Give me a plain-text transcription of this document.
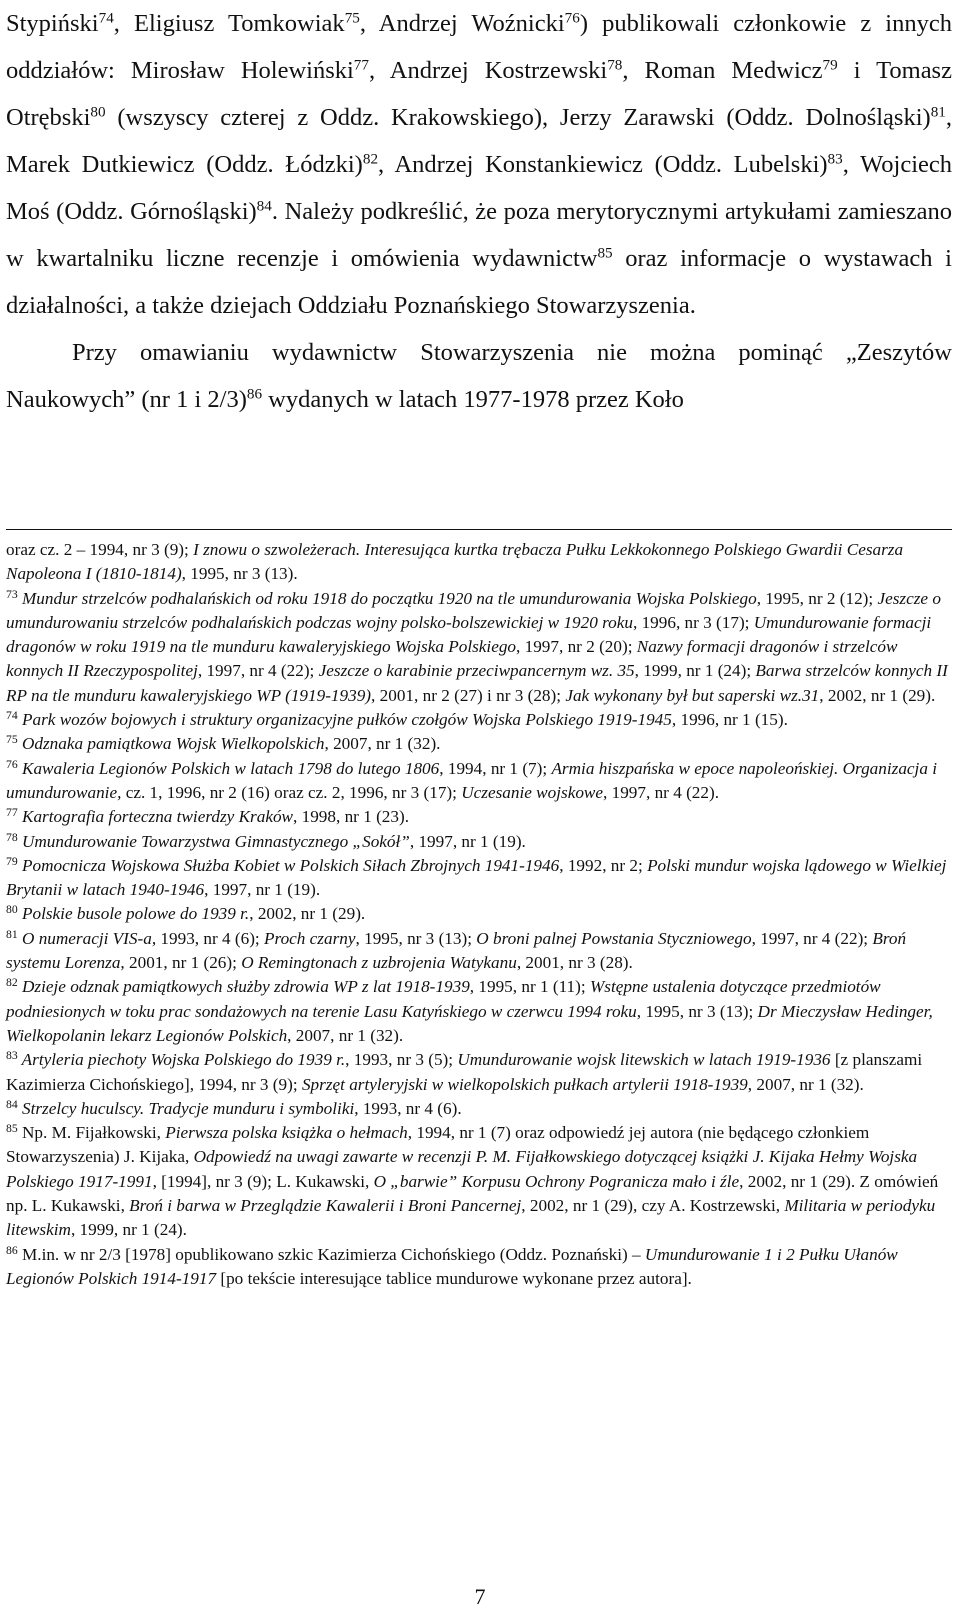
Stypiński$^{74}$, Eligiusz Tomkowiak$^{75}$, Andrzej Woźnicki$^{76}$) publikowali członkowie z innych oddziałów: Mirosław Holewiński$^{77}$, Andrzej Kostrzewski$^{78}$, Roman Medwicz$^{79}$ i Tomasz Otrębski$^{80}$ (wszyscy czterej z Oddz. Krakowskiego), Jerzy Zarawski (Oddz. Dolnośląski)$^{81}$, Marek Dutkiewicz (Oddz. Łódzki)$^{82}$, Andrzej Konstankiewicz (Oddz. Lubelski)$^{83}$, Wojciech Moś (Oddz. Górnośląski)$^{84}$. Należy podkreślić, że poza merytorycznymi artykułami zamieszano w kwartalniku liczne recenzje i omówienia wydawnictw$^{85}$ oraz informacje o wystawach i działalności, a także dziejach Oddziału Poznańskiego Stowarzyszenia.

Przy omawianiu wydawnictw Stowarzyszenia nie można pominąć „Zeszytów Naukowych” (nr 1 i 2/3)$^{86}$ wydanych w latach 1977-1978 przez Koło

oraz cz. 2 – 1994, nr 3 (9); I znowu o szwoleżerach. Interesująca kurtka trębacza Pułku Lekkokonnego Polskiego Gwardii Cesarza Napoleona I (1810-1814), 1995, nr 3 (13).

$^{73}$ Mundur strzelców podhalańskich od roku 1918 do początku 1920 na tle umundurowania Wojska Polskiego, 1995, nr 2 (12); Jeszcze o umundurowaniu strzelców podhalańskich podczas wojny polsko-bolszewickiej w 1920 roku, 1996, nr 3 (17); Umundurowanie formacji dragonów w roku 1919 na tle munduru kawaleryjskiego Wojska Polskiego, 1997, nr 2 (20); Nazwy formacji dragonów i strzelców konnych II Rzeczypospolitej, 1997, nr 4 (22); Jeszcze o karabinie przeciwpancernym wz. 35, 1999, nr 1 (24); Barwa strzelców konnych II RP na tle munduru kawaleryjskiego WP (1919-1939), 2001, nr 2 (27) i nr 3 (28); Jak wykonany był but saperski wz.31, 2002, nr 1 (29).

$^{74}$ Park wozów bojowych i struktury organizacyjne pułków czołgów Wojska Polskiego 1919-1945, 1996, nr 1 (15).

$^{75}$ Odznaka pamiątkowa Wojsk Wielkopolskich, 2007, nr 1 (32).

$^{76}$ Kawaleria Legionów Polskich w latach 1798 do lutego 1806, 1994, nr 1 (7); Armia hiszpańska w epoce napoleońskiej. Organizacja i umundurowanie, cz. 1, 1996, nr 2 (16) oraz cz. 2, 1996, nr 3 (17); Uczesanie wojskowe, 1997, nr 4 (22).

$^{77}$ Kartografia forteczna twierdzy Kraków, 1998, nr 1 (23).

$^{78}$ Umundurowanie Towarzystwa Gimnastycznego „Sokół”, 1997, nr 1 (19).

$^{79}$ Pomocnicza Wojskowa Służba Kobiet w Polskich Siłach Zbrojnych 1941-1946, 1992, nr 2; Polski mundur wojska lądowego w Wielkiej Brytanii w latach 1940-1946, 1997, nr 1 (19).

$^{80}$ Polskie busole polowe do 1939 r., 2002, nr 1 (29).

$^{81}$ O numeracji VIS-a, 1993, nr 4 (6); Proch czarny, 1995, nr 3 (13); O broni palnej Powstania Styczniowego, 1997, nr 4 (22); Broń systemu Lorenza, 2001, nr 1 (26); O Remingtonach z uzbrojenia Watykanu, 2001, nr 3 (28).

$^{82}$ Dzieje odznak pamiątkowych służby zdrowia WP z lat 1918-1939, 1995, nr 1 (11); Wstępne ustalenia dotyczące przedmiotów podniesionych w toku prac sondażowych na terenie Lasu Katyńskiego w czerwcu 1994 roku, 1995, nr 3 (13); Dr Mieczysław Hedinger, Wielkopolanin lekarz Legionów Polskich, 2007, nr 1 (32).

$^{83}$ Artyleria piechoty Wojska Polskiego do 1939 r., 1993, nr 3 (5); Umundurowanie wojsk litewskich w latach 1919-1936 [z planszami Kazimierza Cichońskiego], 1994, nr 3 (9); Sprzęt artyleryjski w wielkopolskich pułkach artylerii 1918-1939, 2007, nr 1 (32).

$^{84}$ Strzelcy huculscy. Tradycje munduru i symboliki, 1993, nr 4 (6).

$^{85}$ Np. M. Fijałkowski, Pierwsza polska książka o hełmach, 1994, nr 1 (7) oraz odpowiedź jej autora (nie będącego członkiem Stowarzyszenia) J. Kijaka, Odpowiedź na uwagi zawarte w recenzji P. M. Fijałkowskiego dotyczącej książki J. Kijaka Hełmy Wojska Polskiego 1917-1991, [1994], nr 3 (9); L. Kukawski, O „barwie” Korpusu Ochrony Pogranicza mało i źle, 2002, nr 1 (29). Z omówień np. L. Kukawski, Broń i barwa w Przeglądzie Kawalerii i Broni Pancernej, 2002, nr 1 (29), czy A. Kostrzewski, Militaria w periodyku litewskim, 1999, nr 1 (24).

$^{86}$ M.in. w nr 2/3 [1978] opublikowano szkic Kazimierza Cichońskiego (Oddz. Poznański) – Umundurowanie 1 i 2 Pułku Ułanów Legionów Polskich 1914-1917 [po tekście interesujące tablice mundurowe wykonane przez autora].

7
